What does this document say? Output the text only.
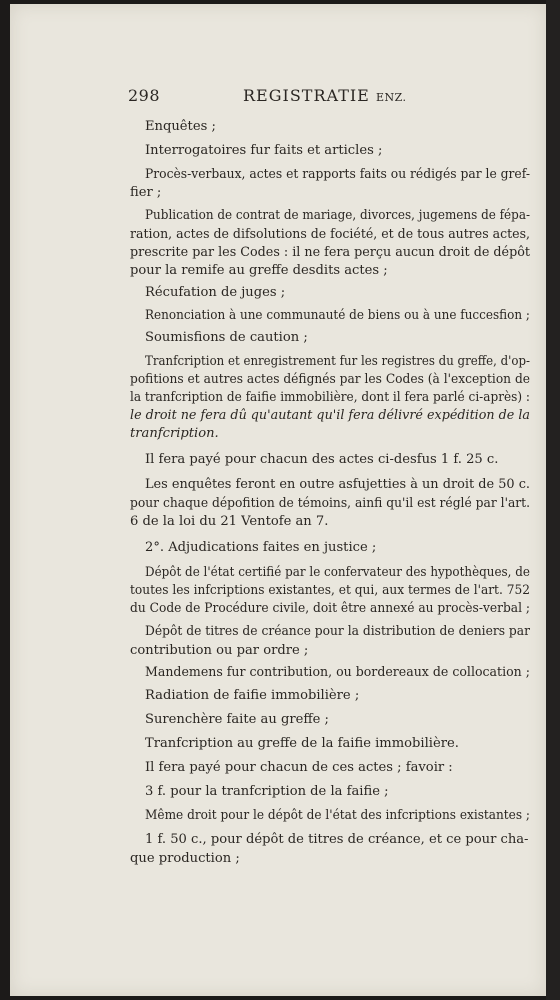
298	REGISTRATIE ENZ.
Enquêtes ;
Interrogatoires fur faits et articles ;
Procès-verbaux, actes et rapports faits ou rédigés par le gref-
fier ;
Publication de contrat de mariage, divorces, jugemens de fépa-
ration, actes de difsolutions de fociété, et de tous autres actes,
prescrite par les Codes : il ne fera perçu aucun droit de dépôt
pour la remife au greffe desdits actes ;
Récufation de juges ;
Renonciation à une communauté de biens ou à une fuccesfion ;
Soumisfions de caution ;
Tranfcription et enregistrement fur les registres du greffe, d'op-
pofitions et autres actes défignés par les Codes (à l'exception de
la tranfcription de faifie immobilière, dont il fera parlé ci-après) :
le droit ne fera dû qu'autant qu'il fera délivré expédition de la
tranfcription.
Il fera payé pour chacun des actes ci-desfus 1 f. 25 c.
Les enquêtes feront en outre asfujetties à un droit de 50 c.
pour chaque dépofition de témoins, ainfi qu'il est réglé par l'art.
6 de la loi du 21 Ventofe an 7.
2°. Adjudications faites en justice ;
Dépôt de l'état certifié par le confervateur des hypothèques, de
toutes les infcriptions existantes, et qui, aux termes de l'art. 752
du Code de Procédure civile, doit être annexé au procès-verbal ;
Dépôt de titres de créance pour la distribution de deniers par
contribution ou par ordre ;
Mandemens fur contribution, ou bordereaux de collocation ;
Radiation de faifie immobilière ;
Surenchère faite au greffe ;
Tranfcription au greffe de la faifie immobilière.
Il fera payé pour chacun de ces actes ; favoir :
3 f. pour la tranfcription de la faifie ;
Même droit pour le dépôt de l'état des infcriptions existantes ;
1 f. 50 c., pour dépôt de titres de créance, et ce pour cha-
que production ;
